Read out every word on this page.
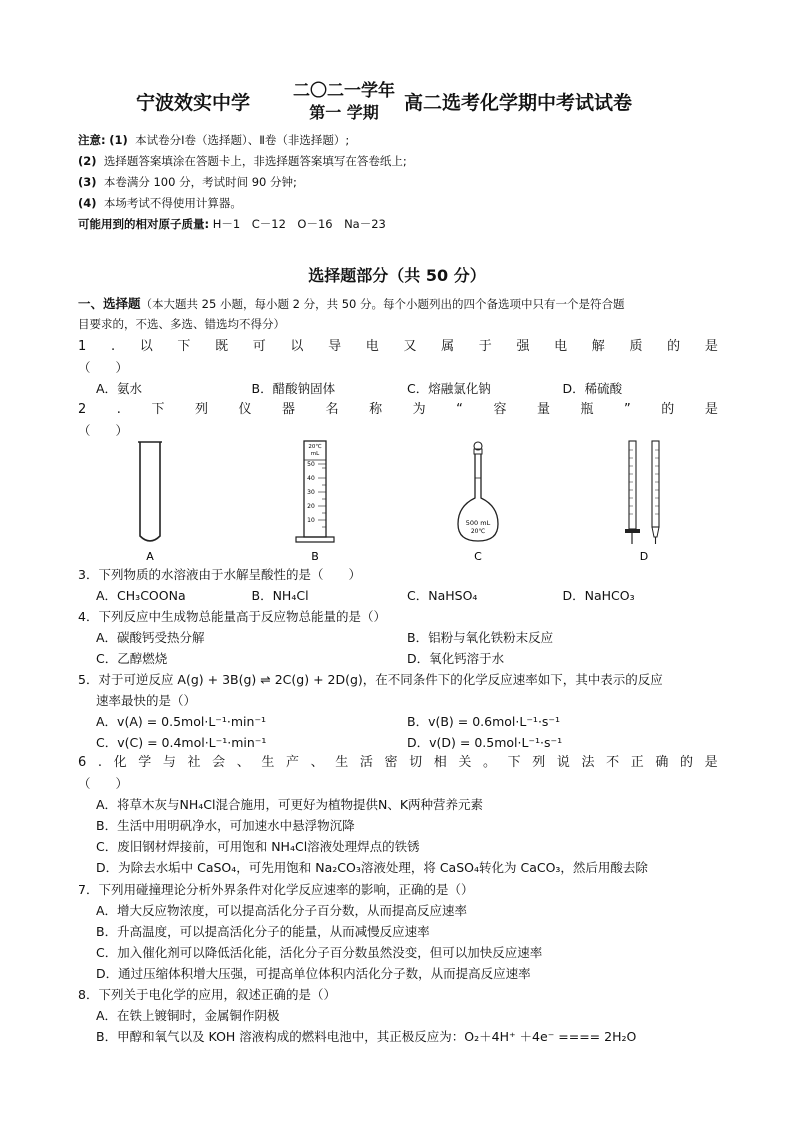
宁波效实中学
二〇二一学年
第一 学期	高二选考化学期中考试试卷
注意: (1) 本试卷分Ⅰ卷（选择题）、Ⅱ卷（非选择题）;
(2) 选择题答案填涂在答题卡上，非选择题答案填写在答卷纸上;
(3) 本卷满分 100 分，考试时间 90 分钟;
(4) 本场考试不得使用计算器。
可能用到的相对原子质量: H－1　C－12　O－16　Na－23
选择题部分（共 50 分）
一、选择题（本大题共 25 小题，每小题 2 分，共 50 分。每个小题列出的四个备选项中只有一个是符合题
目要求的，不选、多选、错选均不得分）
1 . 以 下 既 可 以 导 电 又 属 于 强 电 解 质 的 是
（　　）
A．氨水	B．醋酸钠固体	C．熔融氯化钠	D．稀硫酸
2 . 下 列 仪 器 名 称 为 “ 容 量 瓶 ” 的 是
（　　）
A
20℃
mL
50
40
30
20
10
B
500 mL
20℃
C	D
3．下列物质的水溶液由于水解呈酸性的是（　　）
A．CH₃COONa	B．NH₄Cl	C．NaHSO₄	D．NaHCO₃
4．下列反应中生成物总能量高于反应物总能量的是（）
A．碳酸钙受热分解	B．铝粉与氧化铁粉末反应
C．乙醇燃烧	D．氧化钙溶于水
5．对于可逆反应 A(g) + 3B(g) ⇌ 2C(g) + 2D(g)，在不同条件下的化学反应速率如下，其中表示的反应
速率最快的是（）
A．v(A) = 0.5mol·L⁻¹·min⁻¹	B．v(B) = 0.6mol·L⁻¹·s⁻¹
C．v(C) = 0.4mol·L⁻¹·min⁻¹	D．v(D) = 0.5mol·L⁻¹·s⁻¹
6 . 化 学 与 社 会 、 生 产 、 生 活 密 切 相 关 。 下 列 说 法 不 正 确 的 是
（　　）
A．将草木灰与NH₄Cl混合施用，可更好为植物提供N、K两种营养元素
B．生活中用明矾净水，可加速水中悬浮物沉降
C．废旧钢材焊接前，可用饱和 NH₄Cl溶液处理焊点的铁锈
D．为除去水垢中 CaSO₄，可先用饱和 Na₂CO₃溶液处理，将 CaSO₄转化为 CaCO₃，然后用酸去除
7．下列用碰撞理论分析外界条件对化学反应速率的影响，正确的是（）
A．增大反应物浓度，可以提高活化分子百分数，从而提高反应速率
B．升高温度，可以提高活化分子的能量，从而减慢反应速率
C．加入催化剂可以降低活化能，活化分子百分数虽然没变，但可以加快反应速率
D．通过压缩体积增大压强，可提高单位体积内活化分子数，从而提高反应速率
8．下列关于电化学的应用，叙述正确的是（）
A．在铁上镀铜时，金属铜作阴极
B．甲醇和氧气以及 KOH 溶液构成的燃料电池中，其正极反应为：O₂＋4H⁺ ＋4e⁻ ==== 2H₂O
